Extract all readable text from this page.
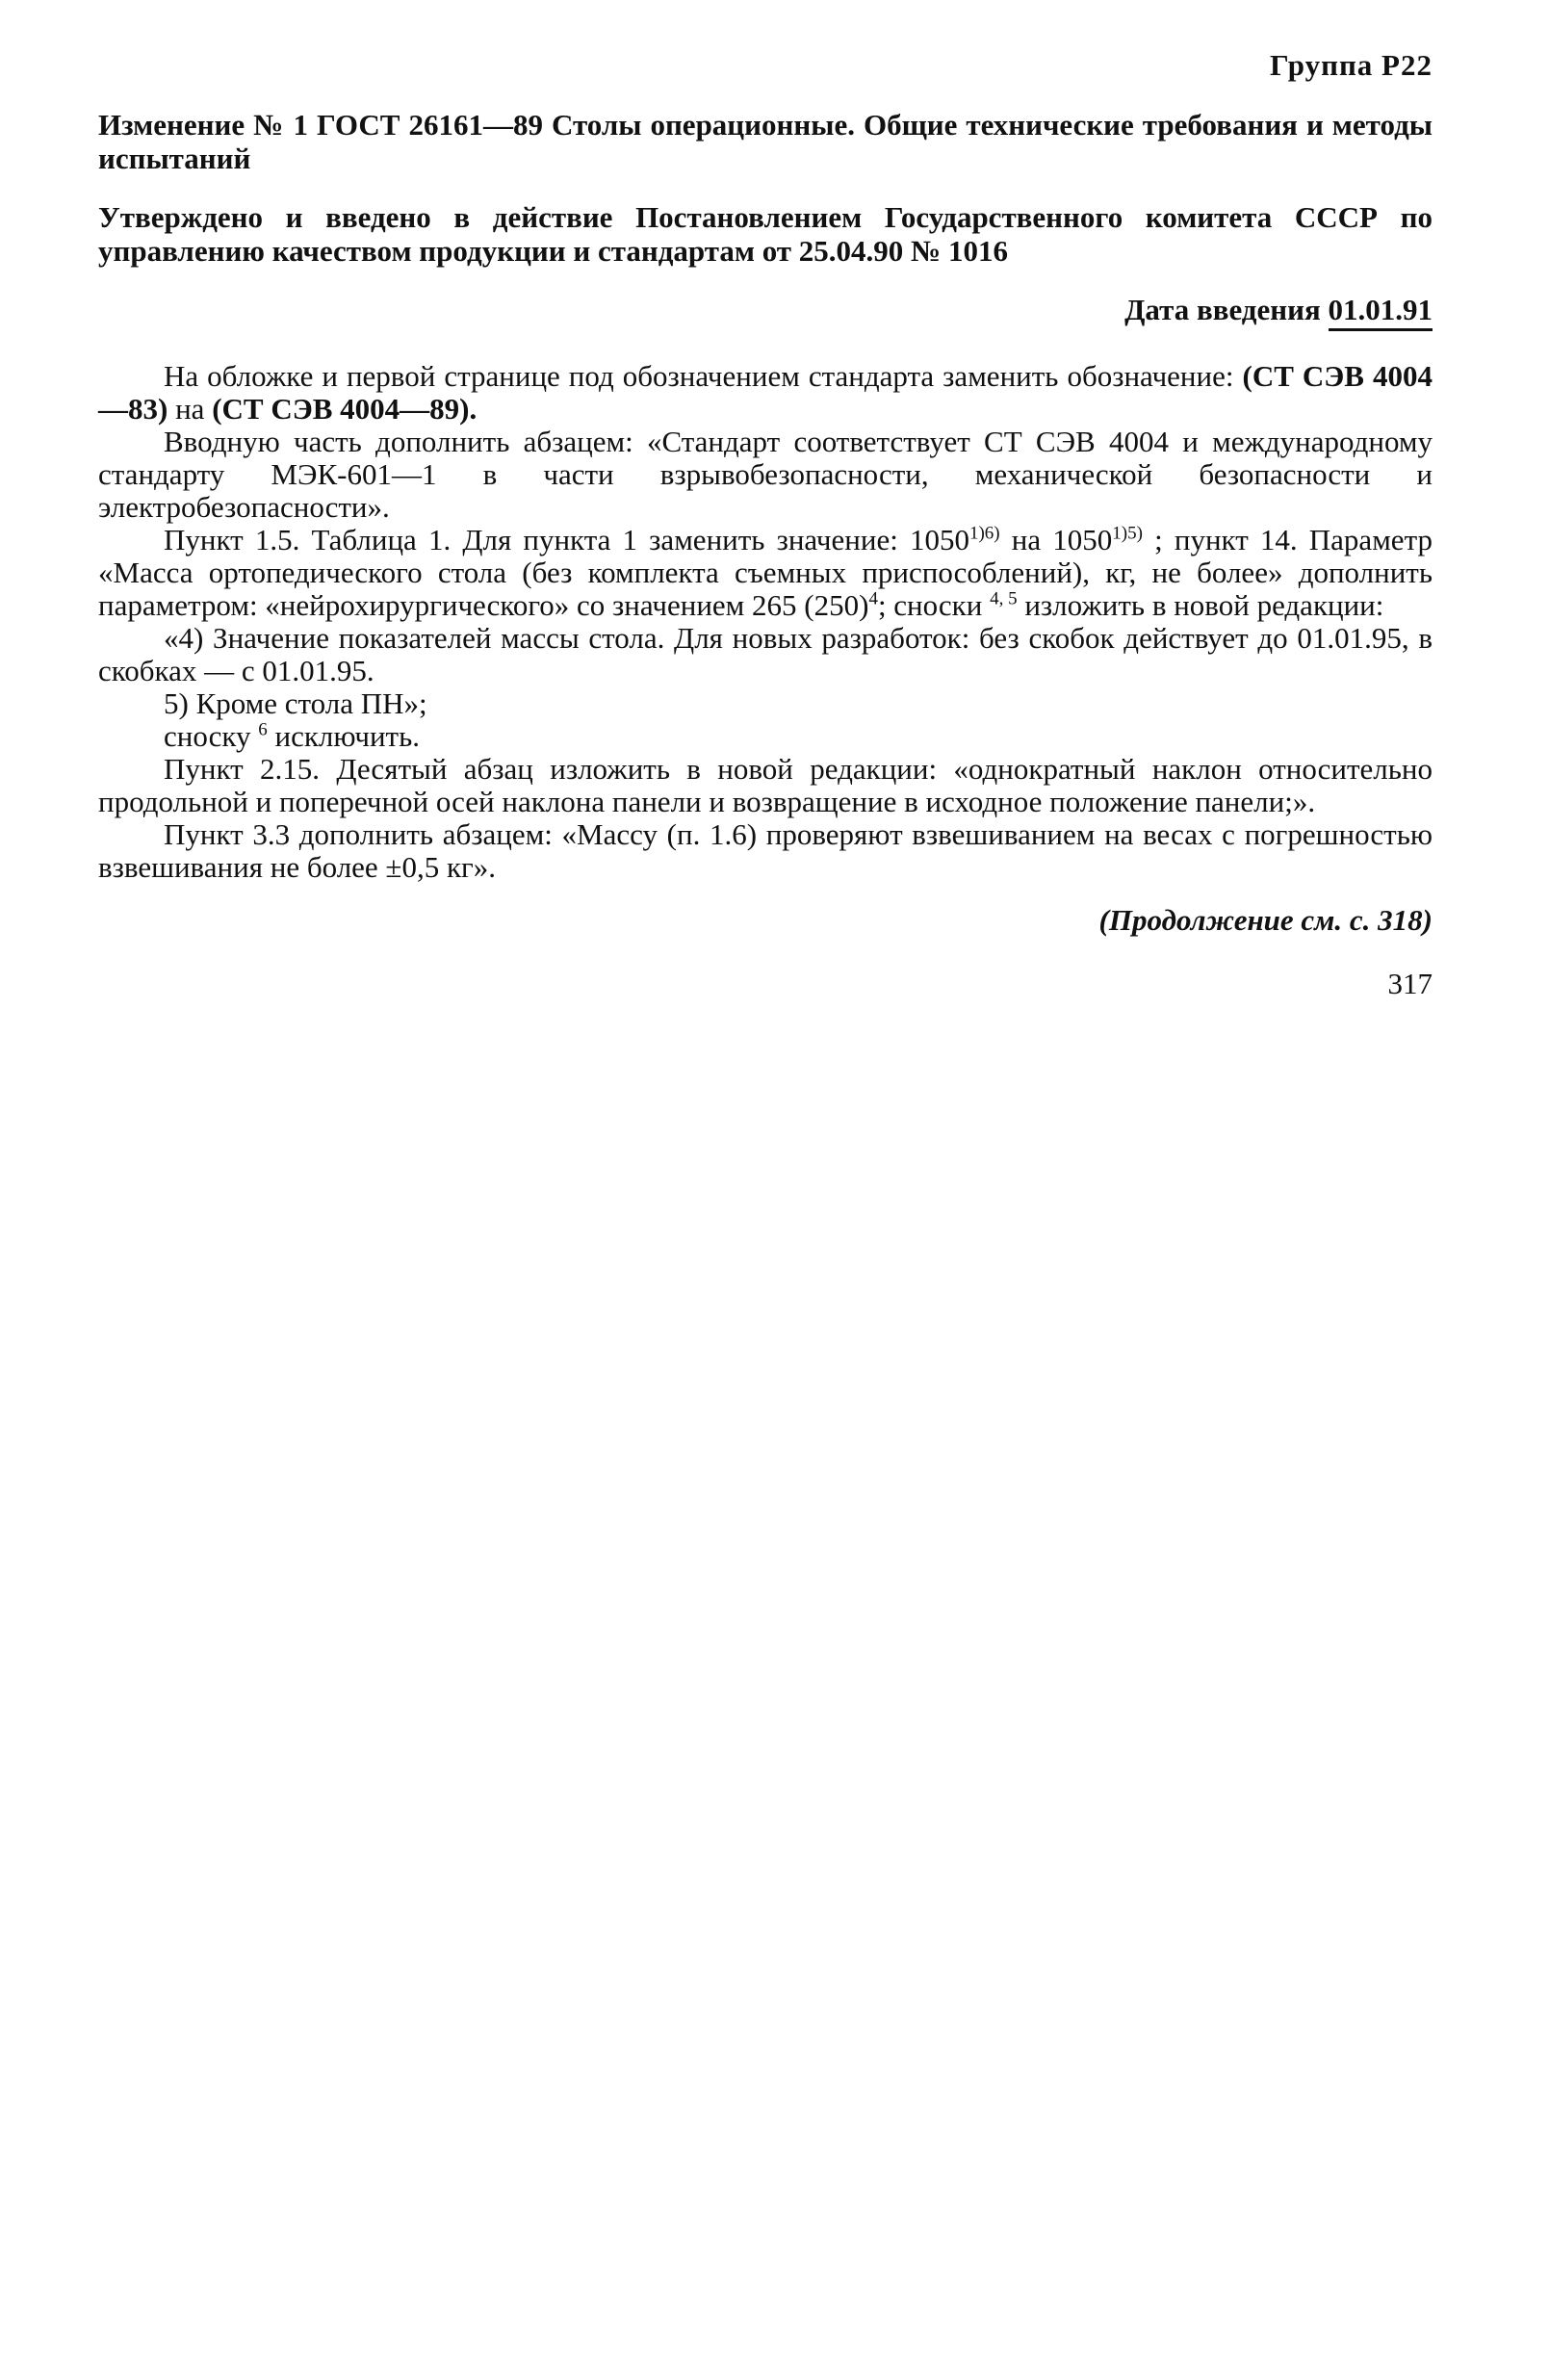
Группа Р22

Изменение № 1 ГОСТ 26161—89 Столы операционные. Общие технические требования и методы испытаний

Утверждено и введено в действие Постановлением Государственного комитета СССР по управлению качеством продукции и стандартам от 25.04.90 № 1016

Дата введения 01.01.91

На обложке и первой странице под обозначением стандарта заменить обозначение: (СТ СЭВ 4004—83) на (СТ СЭВ 4004—89).

Вводную часть дополнить абзацем: «Стандарт соответствует СТ СЭВ 4004 и международному стандарту МЭК-601—1 в части взрывобезопасности, механической безопасности и электробезопасности».

Пункт 1.5. Таблица 1. Для пункта 1 заменить значение: $1050^{1)6)}$ на $1050^{1)5)}$ ; пункт 14. Параметр «Масса ортопедического стола (без комплекта съемных приспособлений), кг, не более» дополнить параметром: «нейрохирургического» со значением 265 $(250)^4$; сноски $^{4, 5}$ изложить в новой редакции:

«4) Значение показателей массы стола. Для новых разработок: без скобок действует до 01.01.95, в скобках — с 01.01.95.

5) Кроме стола ПН»;

сноску $^6$ исключить.

Пункт 2.15. Десятый абзац изложить в новой редакции: «однократный наклон относительно продольной и поперечной осей наклона панели и возвращение в исходное положение панели;».

Пункт 3.3 дополнить абзацем: «Массу (п. 1.6) проверяют взвешиванием на весах с погрешностью взвешивания не более ±0,5 кг».

(Продолжение см. с. 318)
317
